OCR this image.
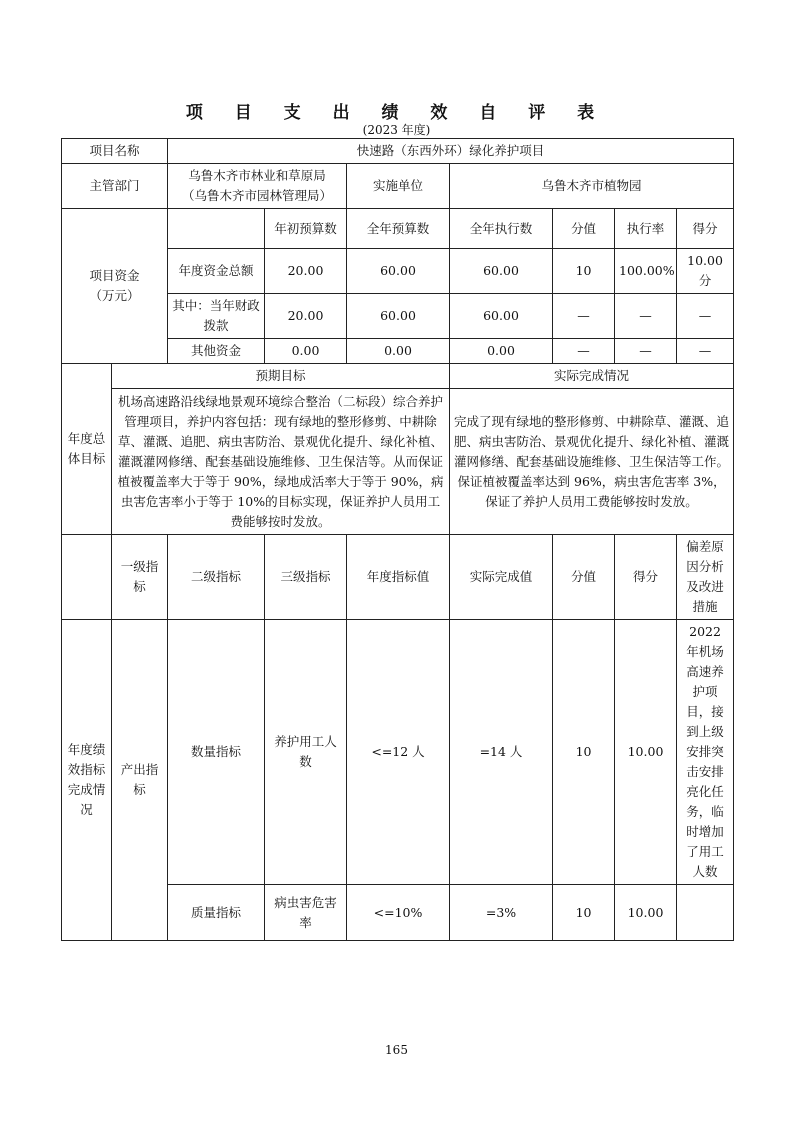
项 目 支 出 绩 效 自 评 表
(2023 年度)
项目名称		快速路（东西外环）绿化养护项目						
主管部门		乌鲁木齐市林业和草原局
（乌鲁木齐市园林管理局）		实施单位	乌鲁木齐市植物园			

项目资金
（万元）			年初预算数	全年预算数	全年执行数	分值	执行率	得分
		年度资金总额	20.00	60.00	60.00	10	100.00%	10.00 分
		其中：当年财政拨款	20.00	60.00	60.00	—	—	—
		其他资金	0.00	0.00	0.00	—	—	—
年度总体目标	预期目标				实际完成情况			
	机场高速路沿线绿地景观环境综合整治（二标段）综合养护管理项目，养护内容包括：现有绿地的整形修剪、中耕除草、灌溉、追肥、病虫害防治、景观优化提升、绿化补植、灌溉灌网修缮、配套基础设施维修、卫生保洁等。从而保证植被覆盖率大于等于 90%，绿地成活率大于等于 90%，病虫害危害率小于等于 10%的目标实现，保证养护人员用工费能够按时发放。				完成了现有绿地的整形修剪、中耕除草、灌溉、追肥、病虫害防治、景观优化提升、绿化补植、灌溉灌网修缮、配套基础设施维修、卫生保洁等工作。保证植被覆盖率达到 96%，病虫害危害率 3%，保证了养护人员用工费能够按时发放。			
	一级指标	二级指标	三级指标	年度指标值	实际完成值	分值	得分	偏差原因分析及改进措施
年度绩效指标完成情况	产出指标	数量指标	养护用工人数	<=12 人	=14 人	10	10.00	2022 年机场高速养护项目，接到上级安排突击安排亮化任务，临时增加了用工人数
		质量指标	病虫害危害率	<=10%	=3%	10	10.00	
165
